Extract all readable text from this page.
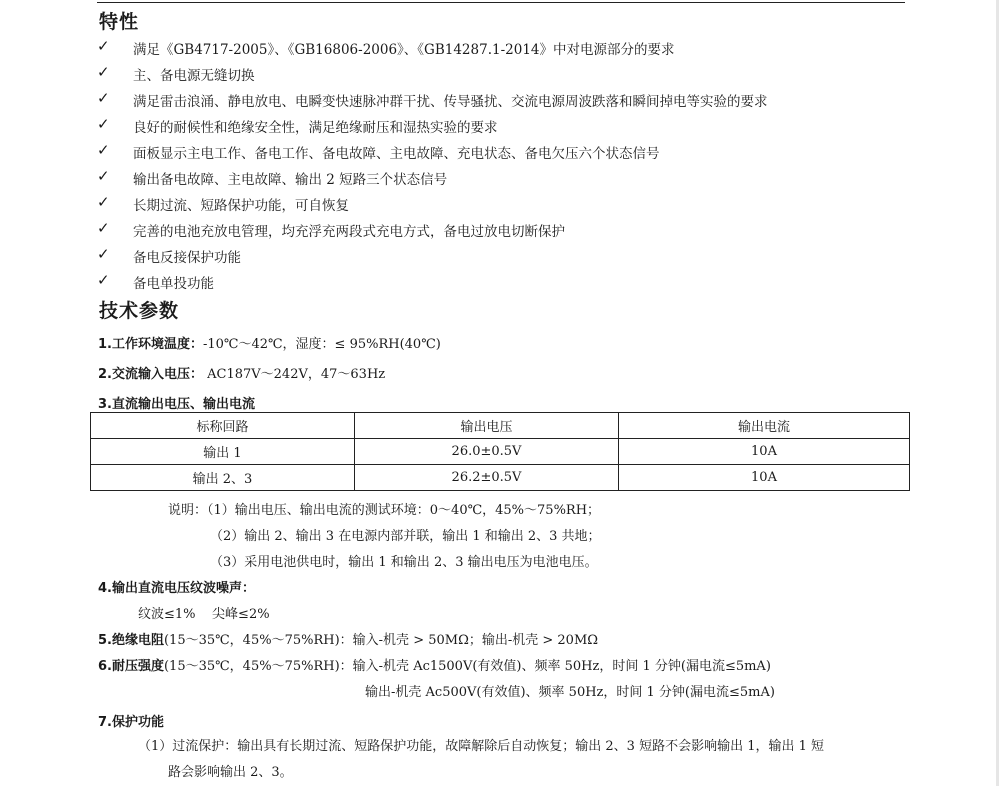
特性
✓ 满足《GB4717-2005》、《GB16806-2006》、《GB14287.1-2014》中对电源部分的要求
✓ 主、备电源无缝切换
✓ 满足雷击浪涌、静电放电、电瞬变快速脉冲群干扰、传导骚扰、交流电源周波跌落和瞬间掉电等实验的要求
✓ 良好的耐候性和绝缘安全性，满足绝缘耐压和湿热实验的要求
✓ 面板显示主电工作、备电工作、备电故障、主电故障、充电状态、备电欠压六个状态信号
✓ 输出备电故障、主电故障、输出 2 短路三个状态信号
✓ 长期过流、短路保护功能，可自恢复
✓ 完善的电池充放电管理，均充浮充两段式充电方式，备电过放电切断保护
✓ 备电反接保护功能
✓ 备电单投功能
技术参数
1.工作环境温度：-10℃～42℃，湿度：≤ 95%RH(40℃)
2.交流输入电压： AC187V～242V，47～63Hz
3.直流输出电压、输出电流
标称回路	输出电压	输出电流
输出 1	26.0±0.5V	10A
输出 2、3	26.2±0.5V	10A
说明：（1）输出电压、输出电流的测试环境：0～40℃，45%～75%RH；
（2）输出 2、输出 3 在电源内部并联，输出 1 和输出 2、3 共地；
（3）采用电池供电时，输出 1 和输出 2、3 输出电压为电池电压。
4.输出直流电压纹波噪声：
纹波≤1%    尖峰≤2%
5.绝缘电阻(15～35℃，45%～75%RH)：输入-机壳 > 50MΩ；输出-机壳 > 20MΩ
6.耐压强度(15～35℃，45%～75%RH)：输入-机壳 Ac1500V(有效值)、频率 50Hz，时间 1 分钟(漏电流≤5mA)
输出-机壳 Ac500V(有效值)、频率 50Hz，时间 1 分钟(漏电流≤5mA)
7.保护功能
（1）过流保护：输出具有长期过流、短路保护功能，故障解除后自动恢复；输出 2、3 短路不会影响输出 1，输出 1 短
路会影响输出 2、3。
